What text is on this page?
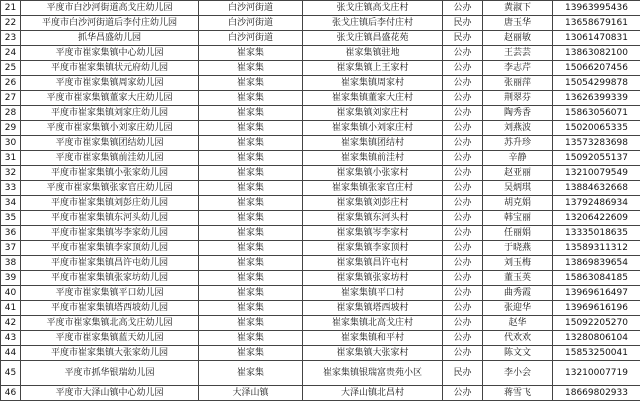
21	平度市白沙河街道高戈庄幼儿园	白沙河街道	张戈庄镇高戈庄村	公办	黄淑下	13963995436
22	平度市白沙河街道后李付庄幼儿园	白沙河街道	张戈庄镇后李付庄村	民办	唐玉华	13658679161
23	抓华昌盛幼儿园	白沙河街道	张戈庄镇昌盛花苑	民办	赵丽敏	13061470831
24	平度市崔家集镇中心幼儿园	崔家集	崔家集镇驻地	公办	王芸芸	13863082100
25	平度市崔家集镇状元府幼儿园	崔家集	崔家集镇上王家村	公办	李志芹	15066207456
26	平度市崔家集镇周家幼儿园	崔家集	崔家集镇周家村	公办	张丽萍	15054299878
27	平度市崔家集镇董家大庄幼儿园	崔家集	崔家集镇董家大庄村	公办	荆翠芬	13626399339
28	平度市崔家集镇刘家庄幼儿园	崔家集	崔家集镇刘家庄村	公办	陶秀香	15863056071
29	平度市崔家集镇小刘家庄幼儿园	崔家集	崔家集镇小刘家庄村	公办	刘燕波	15020065335
30	平度市崔家集镇团结幼儿园	崔家集	崔家集镇团结村	公办	苏升珍	13573283698
31	平度市崔家集镇前洼幼儿园	崔家集	崔家集镇前洼村	公办	辛静	15092055137
32	平度市崔家集镇小张家幼儿园	崔家集	崔家集镇小张家村	公办	赵亚丽	13210079549
33	平度市崔家集镇张家官庄幼儿园	崔家集	崔家集镇张家官庄村	公办	吴炳琪	13884632668
34	平度市崔家集镇刘彭庄幼儿园	崔家集	崔家集镇刘彭庄村	公办	胡克娟	13792486934
35	平度市崔家集镇东河头幼儿园	崔家集	崔家集镇东河头村	公办	韩宝丽	13206422609
36	平度市崔家集镇岑李家幼儿园	崔家集	崔家集镇岑李家村	公办	任丽娟	13335018635
37	平度市崔家集镇李家顶幼儿园	崔家集	崔家集镇李家顶村	公办	于晓燕	13589311312
38	平度市崔家集镇昌许屯幼儿园	崔家集	崔家集镇昌许屯村	公办	刘玉梅	13869839654
39	平度市崔家集镇张家坊幼儿园	崔家集	崔家集镇张家坊村	公办	董玉英	15863084185
40	平度市崔家集镇平口幼儿园	崔家集	崔家集镇平口村	公办	曲秀霞	13969616497
41	平度市崔家集镇塔西坡幼儿园	崔家集	崔家集镇塔西坡村	公办	张迎华	13969616196
42	平度市崔家集镇北高戈庄幼儿园	崔家集	崔家集镇北高戈庄村	公办	赵华	15092205270
43	平度市崔家集镇蓝天幼儿园	崔家集	崔家集镇和平村	公办	代欢欢	13280806104
44	平度市崔家集镇大张家幼儿园	崔家集	崔家集镇大张家村	公办	陈文文	15853250041
45	平度市抓华银瑞幼儿园	崔家集	崔家集镇银瑞富贵苑小区	民办	李小会	13210007719
46	平度市大泽山镇中心幼儿园	大泽山镇	大泽山镇北昌村	公办	蒋雪飞	18669802933
